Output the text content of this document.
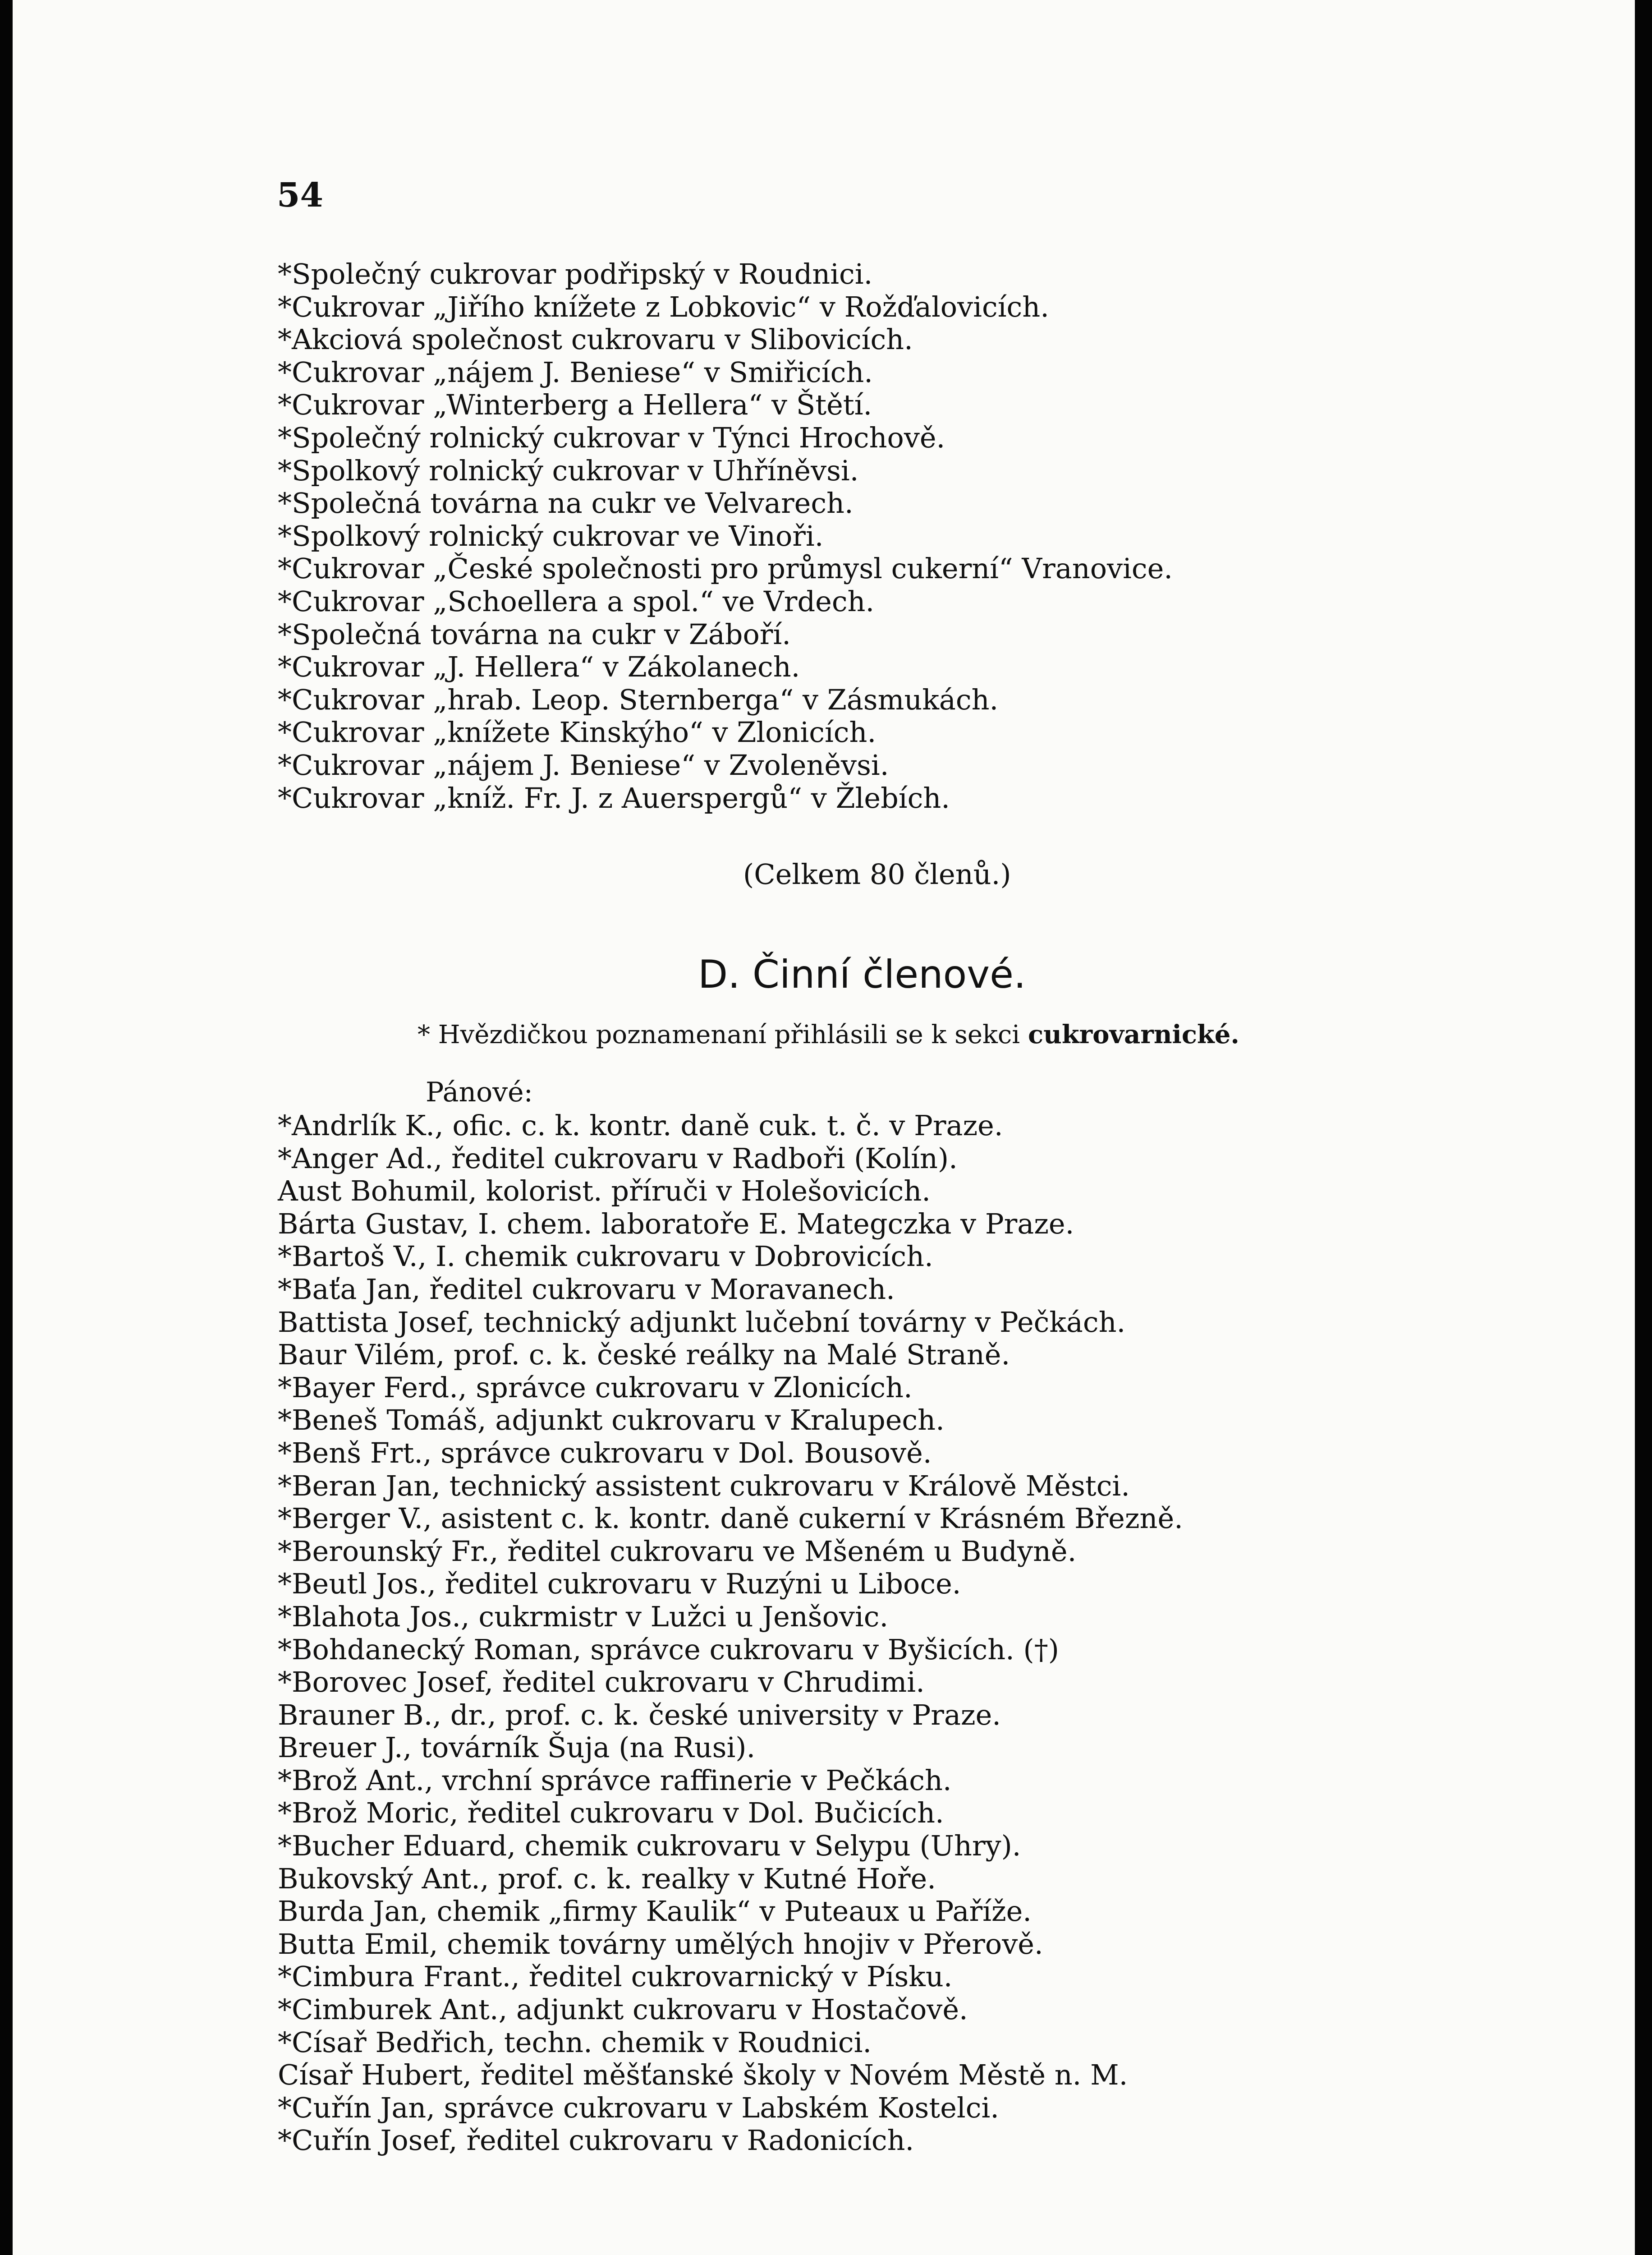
54
*Společný cukrovar podřipský v Roudnici.
*Cukrovar „Jiřího knížete z Lobkovic“ v Rožďalovicích.
*Akciová společnost cukrovaru v Slibovicích.
*Cukrovar „nájem J. Beniese“ v Smiřicích.
*Cukrovar „Winterberg a Hellera“ v Štětí.
*Společný rolnický cukrovar v Týnci Hrochově.
*Spolkový rolnický cukrovar v Uhříněvsi.
*Společná továrna na cukr ve Velvarech.
*Spolkový rolnický cukrovar ve Vinoři.
*Cukrovar „České společnosti pro průmysl cukerní“ Vranovice.
*Cukrovar „Schoellera a spol.“ ve Vrdech.
*Společná továrna na cukr v Záboří.
*Cukrovar „J. Hellera“ v Zákolanech.
*Cukrovar „hrab. Leop. Sternberga“ v Zásmukách.
*Cukrovar „knížete Kinskýho“ v Zlonicích.
*Cukrovar „nájem J. Beniese“ v Zvoleněvsi.
*Cukrovar „kníž. Fr. J. z Auerspergů“ v Žlebích.
(Celkem 80 členů.)
D. Činní členové.
* Hvězdičkou poznamenaní přihlásili se k sekci cukrovarnické.
Pánové:
*Andrlík K., ofic. c. k. kontr. daně cuk. t. č. v Praze.
*Anger Ad., ředitel cukrovaru v Radboři (Kolín).
Aust Bohumil, kolorist. příruči v Holešovicích.
Bárta Gustav, I. chem. laboratoře E. Mategczka v Praze.
*Bartoš V., I. chemik cukrovaru v Dobrovicích.
*Baťa Jan, ředitel cukrovaru v Moravanech.
Battista Josef, technický adjunkt lučební továrny v Pečkách.
Baur Vilém, prof. c. k. české reálky na Malé Straně.
*Bayer Ferd., správce cukrovaru v Zlonicích.
*Beneš Tomáš, adjunkt cukrovaru v Kralupech.
*Benš Frt., správce cukrovaru v Dol. Bousově.
*Beran Jan, technický assistent cukrovaru v Králově Městci.
*Berger V., asistent c. k. kontr. daně cukerní v Krásném Březně.
*Berounský Fr., ředitel cukrovaru ve Mšeném u Budyně.
*Beutl Jos., ředitel cukrovaru v Ruzýni u Liboce.
*Blahota Jos., cukrmistr v Lužci u Jenšovic.
*Bohdanecký Roman, správce cukrovaru v Byšicích. (†)
*Borovec Josef, ředitel cukrovaru v Chrudimi.
Brauner B., dr., prof. c. k. české university v Praze.
Breuer J., továrník Šuja (na Rusi).
*Brož Ant., vrchní správce raffinerie v Pečkách.
*Brož Moric, ředitel cukrovaru v Dol. Bučicích.
*Bucher Eduard, chemik cukrovaru v Selypu (Uhry).
Bukovský Ant., prof. c. k. realky v Kutné Hoře.
Burda Jan, chemik „firmy Kaulik“ v Puteaux u Paříže.
Butta Emil, chemik továrny umělých hnojiv v Přerově.
*Cimbura Frant., ředitel cukrovarnický v Písku.
*Cimburek Ant., adjunkt cukrovaru v Hostačově.
*Císař Bedřich, techn. chemik v Roudnici.
Císař Hubert, ředitel měšťanské školy v Novém Městě n. M.
*Cuřín Jan, správce cukrovaru v Labském Kostelci.
*Cuřín Josef, ředitel cukrovaru v Radonicích.
